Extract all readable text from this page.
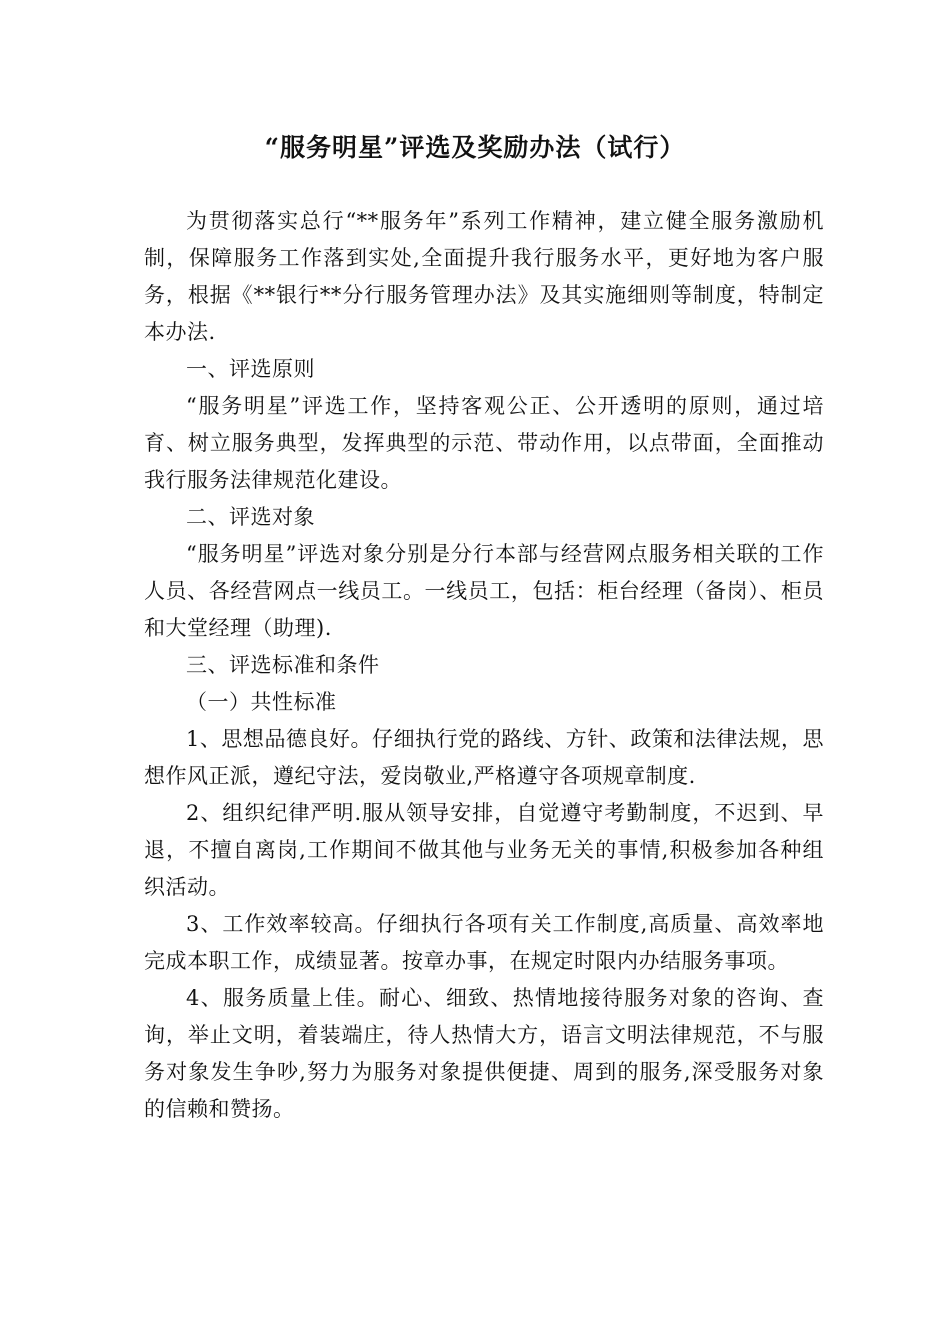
“服务明星”评选及奖励办法（试行）

为贯彻落实总行“**服务年”系列工作精神，建立健全服务激励机制，保障服务工作落到实处,全面提升我行服务水平，更好地为客户服务，根据《**银行**分行服务管理办法》及其实施细则等制度，特制定本办法.

一、评选原则

“服务明星”评选工作，坚持客观公正、公开透明的原则，通过培育、树立服务典型，发挥典型的示范、带动作用，以点带面，全面推动我行服务法律规范化建设。

二、评选对象

“服务明星”评选对象分别是分行本部与经营网点服务相关联的工作人员、各经营网点一线员工。一线员工，包括：柜台经理（备岗）、柜员和大堂经理（助理).

三、评选标准和条件

（一）共性标准

1、思想品德良好。仔细执行党的路线、方针、政策和法律法规，思想作风正派，遵纪守法，爱岗敬业,严格遵守各项规章制度.

2、组织纪律严明.服从领导安排，自觉遵守考勤制度，不迟到、早退，不擅自离岗,工作期间不做其他与业务无关的事情,积极参加各种组织活动。

3、工作效率较高。仔细执行各项有关工作制度,高质量、高效率地完成本职工作，成绩显著。按章办事，在规定时限内办结服务事项。

4、服务质量上佳。耐心、细致、热情地接待服务对象的咨询、查询，举止文明，着装端庄，待人热情大方，语言文明法律规范，不与服务对象发生争吵,努力为服务对象提供便捷、周到的服务,深受服务对象的信赖和赞扬。
